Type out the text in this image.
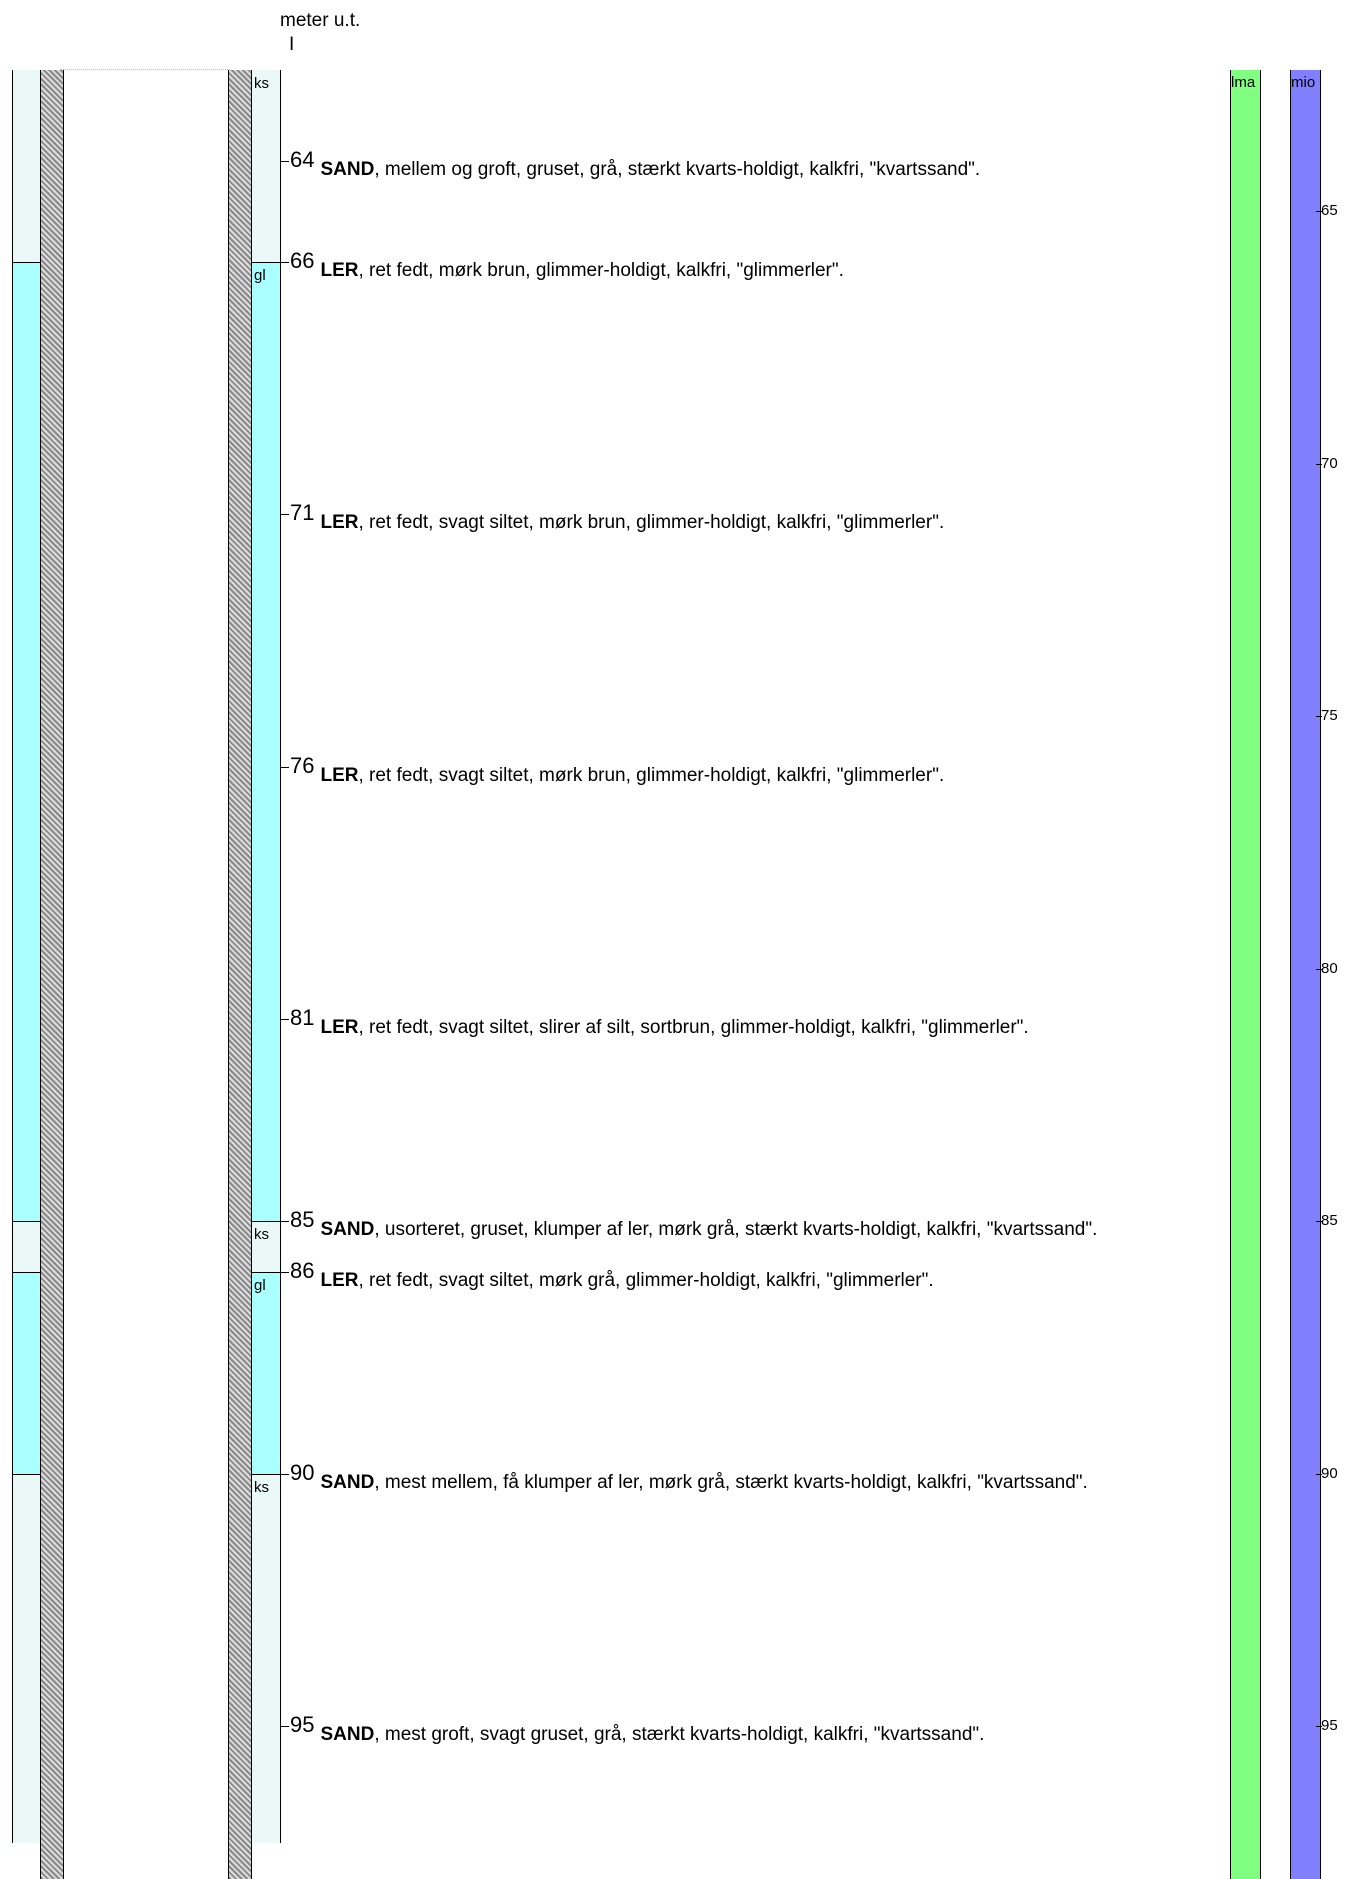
meter u.t.
I
ks
gl
ks
gl
ks
64 SAND, mellem og groft, gruset, grå, stærkt kvarts-holdigt, kalkfri, "kvartssand".
66 LER, ret fedt, mørk brun, glimmer-holdigt, kalkfri, "glimmerler".
71 LER, ret fedt, svagt siltet, mørk brun, glimmer-holdigt, kalkfri, "glimmerler".
76 LER, ret fedt, svagt siltet, mørk brun, glimmer-holdigt, kalkfri, "glimmerler".
81 LER, ret fedt, svagt siltet, slirer af silt, sortbrun, glimmer-holdigt, kalkfri, "glimmerler".
85 SAND, usorteret, gruset, klumper af ler, mørk grå, stærkt kvarts-holdigt, kalkfri, "kvartssand".
86 LER, ret fedt, svagt siltet, mørk grå, glimmer-holdigt, kalkfri, "glimmerler".
90 SAND, mest mellem, få klumper af ler, mørk grå, stærkt kvarts-holdigt, kalkfri, "kvartssand".
95 SAND, mest groft, svagt gruset, grå, stærkt kvarts-holdigt, kalkfri, "kvartssand".
lma mio
65
70
75
80
85
90
95
